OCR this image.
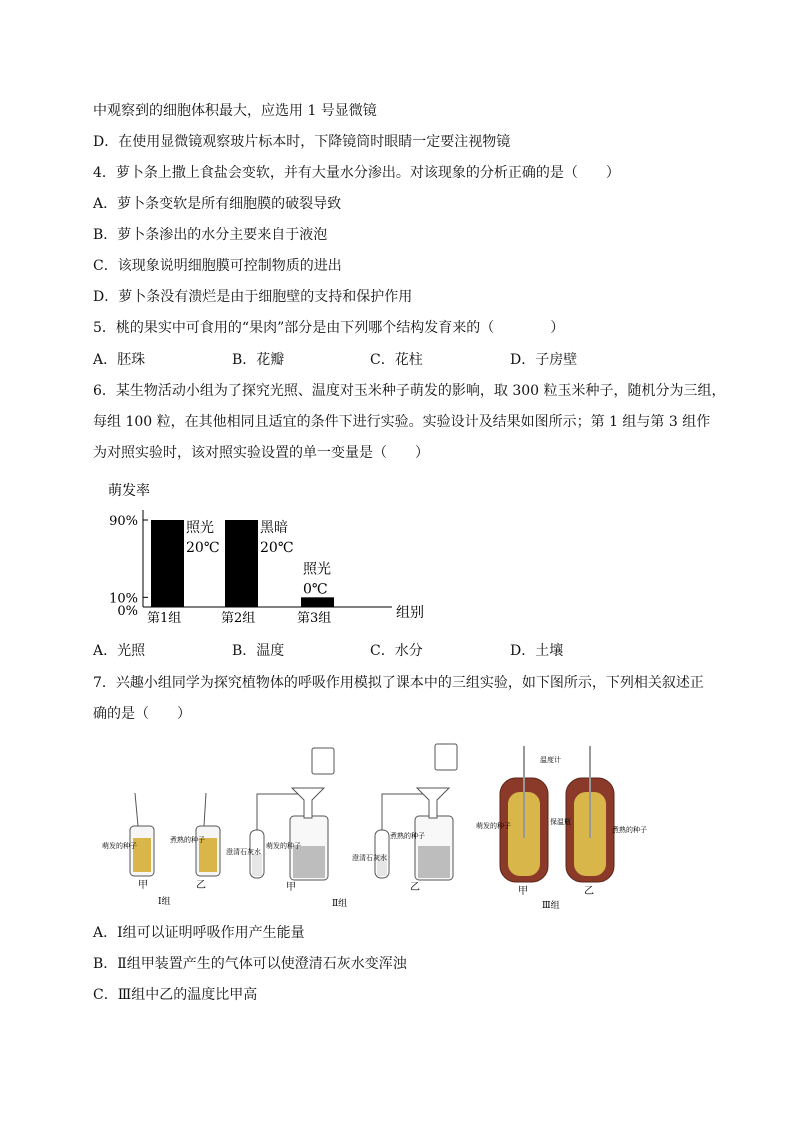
中观察到的细胞体积最大，应选用 1 号显微镜
D．在使用显微镜观察玻片标本时，下降镜筒时眼睛一定要注视物镜
4．萝卜条上撒上食盐会变软，并有大量水分渗出。对该现象的分析正确的是（　　）
A．萝卜条变软是所有细胞膜的破裂导致
B．萝卜条渗出的水分主要来自于液泡
C．该现象说明细胞膜可控制物质的进出
D．萝卜条没有溃烂是由于细胞壁的支持和保护作用
5．桃的果实中可食用的“果肉”部分是由下列哪个结构发育来的（　　　　）
A．胚珠	B．花瓣	C．花柱	D．子房壁
6．某生物活动小组为了探究光照、温度对玉米种子萌发的影响，取 300 粒玉米种子，随机分为三组，
每组 100 粒，在其他相同且适宜的条件下进行实验。实验设计及结果如图所示；第 1 组与第 3 组作
为对照实验时，该对照实验设置的单一变量是（　　）
萌发率
组别
90%
10%
0%
照光
20℃
黑暗
20℃
照光
0℃
第1组	第2组	第3组
A．光照	B．温度	C．水分	D．土壤
7．兴趣小组同学为探究植物体的呼吸作用模拟了课本中的三组实验，如下图所示，下列相关叙述正
确的是（　　）
萌发的种子
煮熟的种子
甲	乙
Ⅰ组
澄清石灰水
萌发的种子
澄清石灰水
煮熟的种子
甲	乙
Ⅱ组
温度计
萌发的种子	保温瓶
煮熟的种子
甲	乙
Ⅲ组
A．Ⅰ组可以证明呼吸作用产生能量
B．Ⅱ组甲装置产生的气体可以使澄清石灰水变浑浊
C．Ⅲ组中乙的温度比甲高
